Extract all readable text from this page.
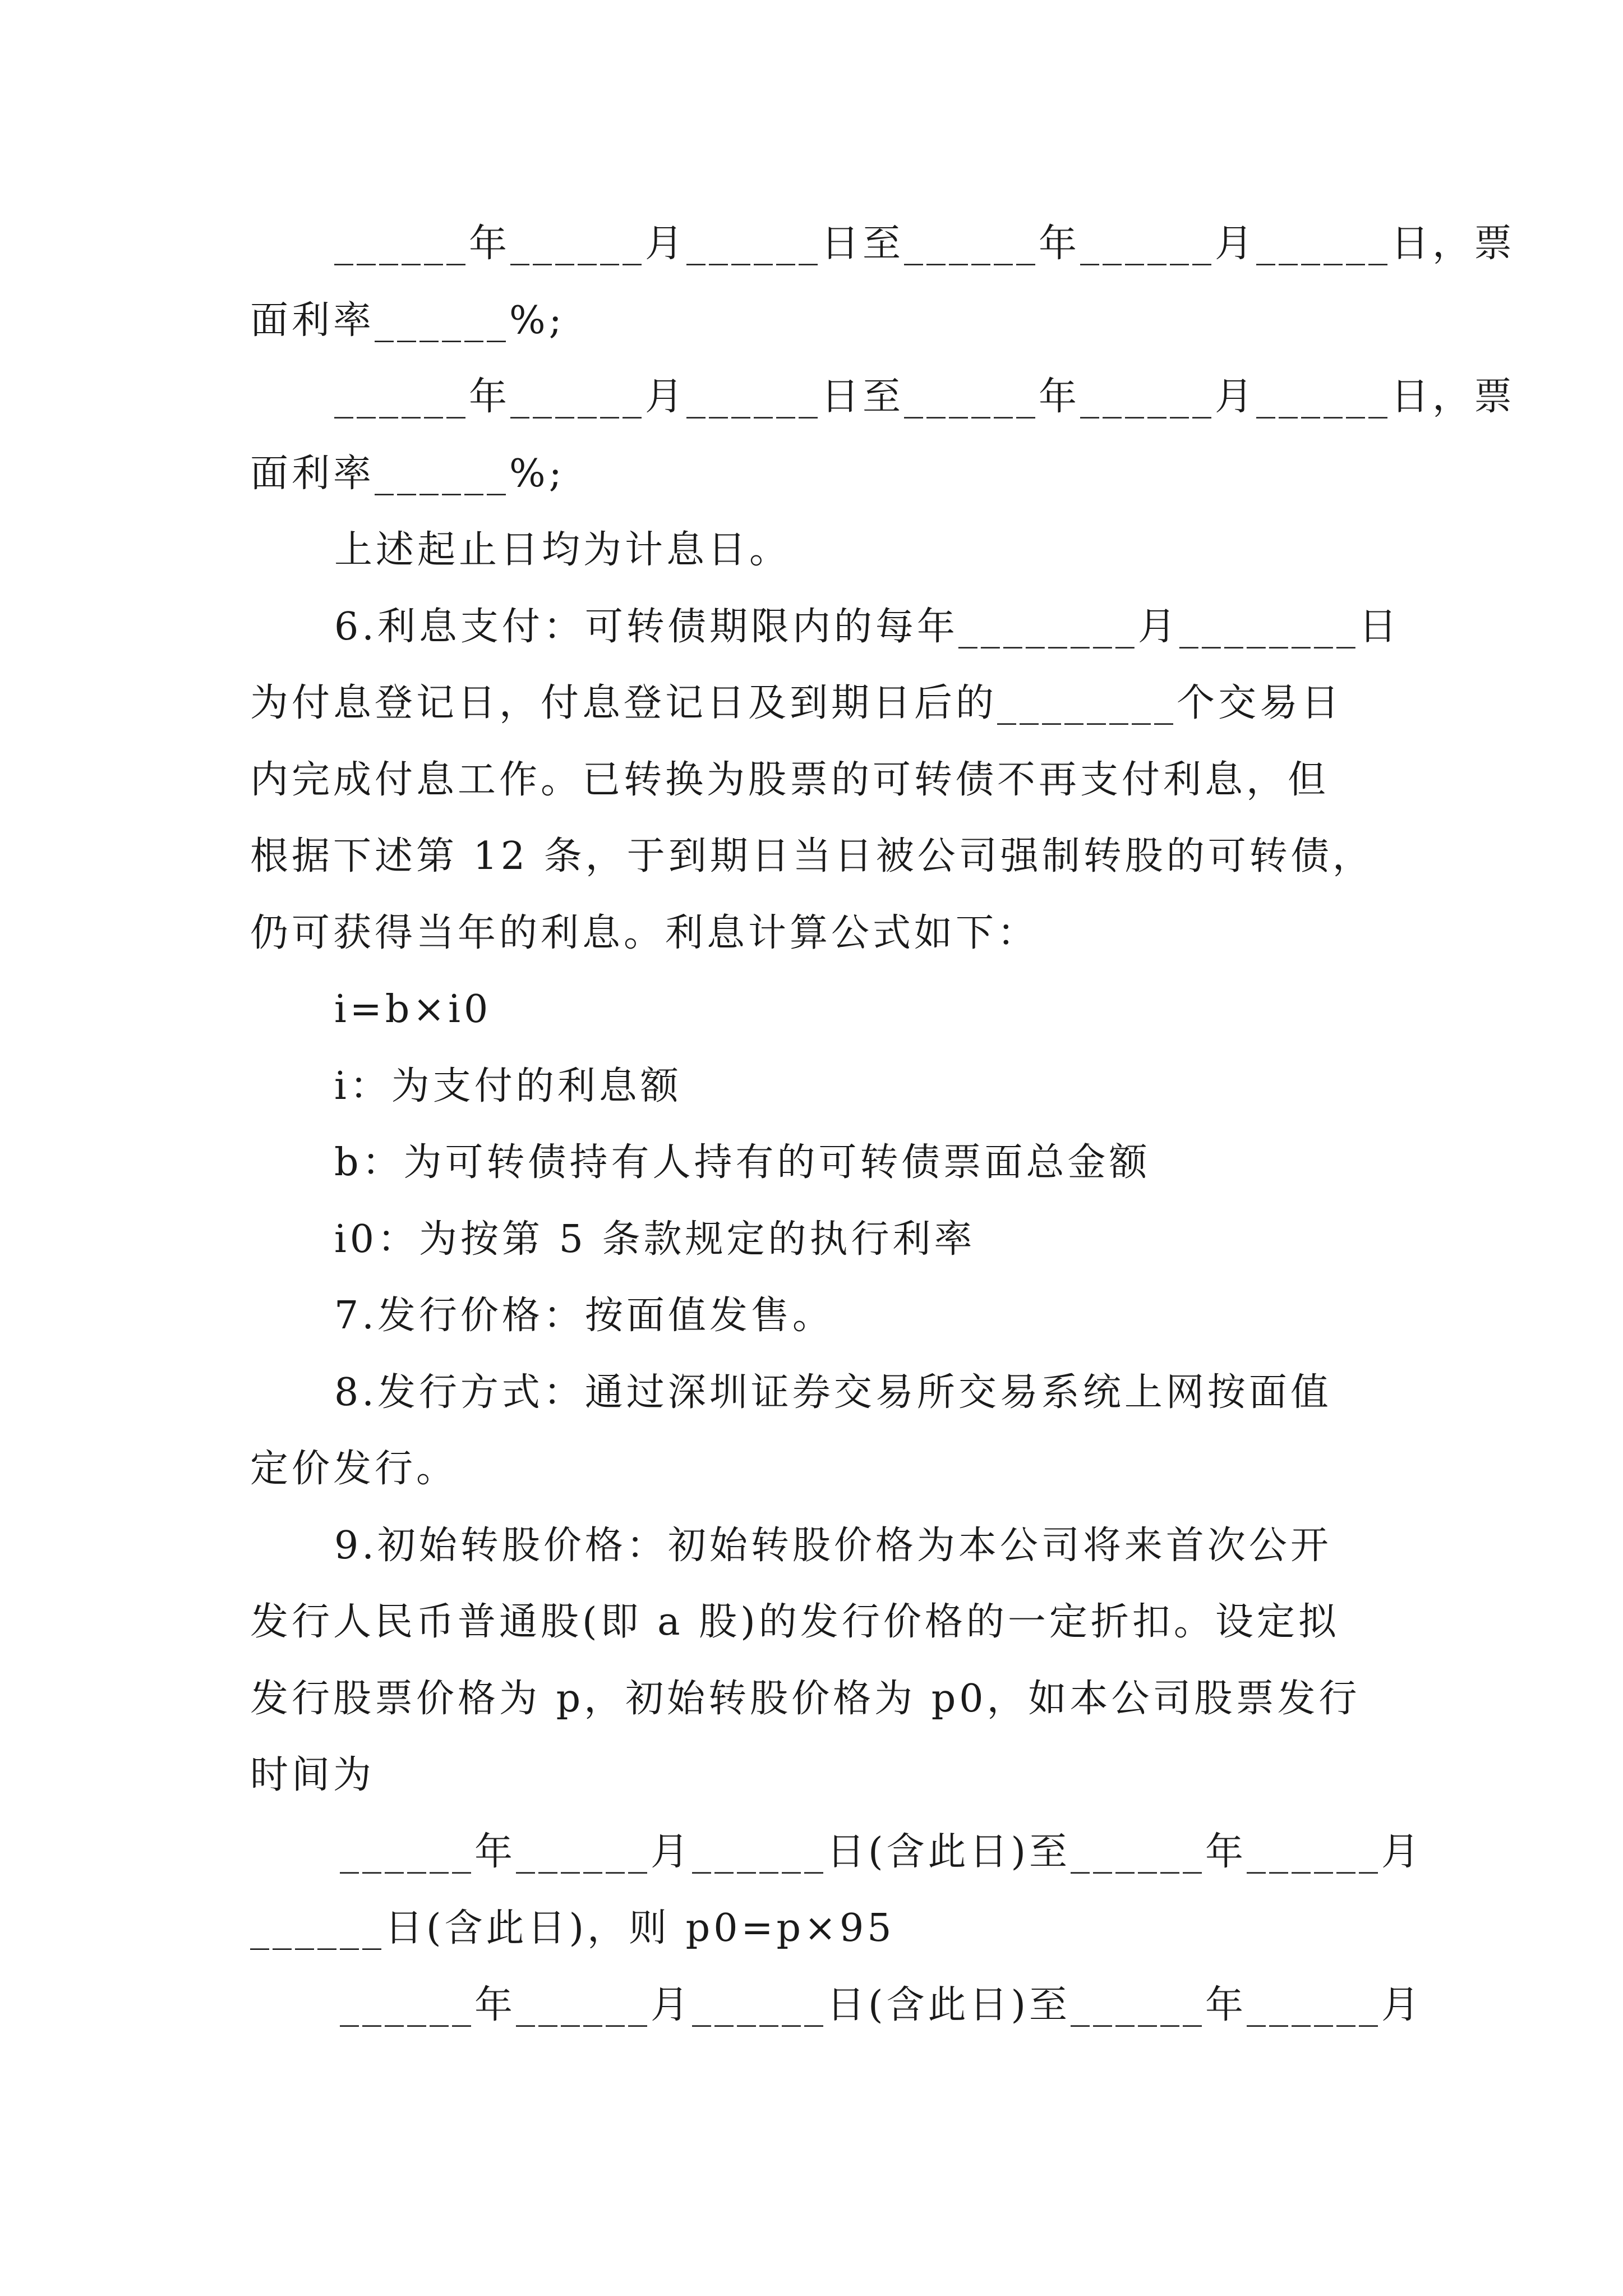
______年______月______日至______年______月______日，票
面利率______%;
______年______月______日至______年______月______日，票
面利率______%;
上述起止日均为计息日。
6.利息支付：可转债期限内的每年________月________日
为付息登记日，付息登记日及到期日后的________个交易日
内完成付息工作。已转换为股票的可转债不再支付利息，但
根据下述第 12 条，于到期日当日被公司强制转股的可转债，
仍可获得当年的利息。利息计算公式如下：
i=b×i0
i：为支付的利息额
b：为可转债持有人持有的可转债票面总金额
i0：为按第 5 条款规定的执行利率
7.发行价格：按面值发售。
8.发行方式：通过深圳证券交易所交易系统上网按面值
定价发行。
9.初始转股价格：初始转股价格为本公司将来首次公开
发行人民币普通股(即 a 股)的发行价格的一定折扣。设定拟
发行股票价格为 p，初始转股价格为 p0，如本公司股票发行
时间为
______年______月______日(含此日)至______年______月
______日(含此日)，则 p0=p×95
______年______月______日(含此日)至______年______月
